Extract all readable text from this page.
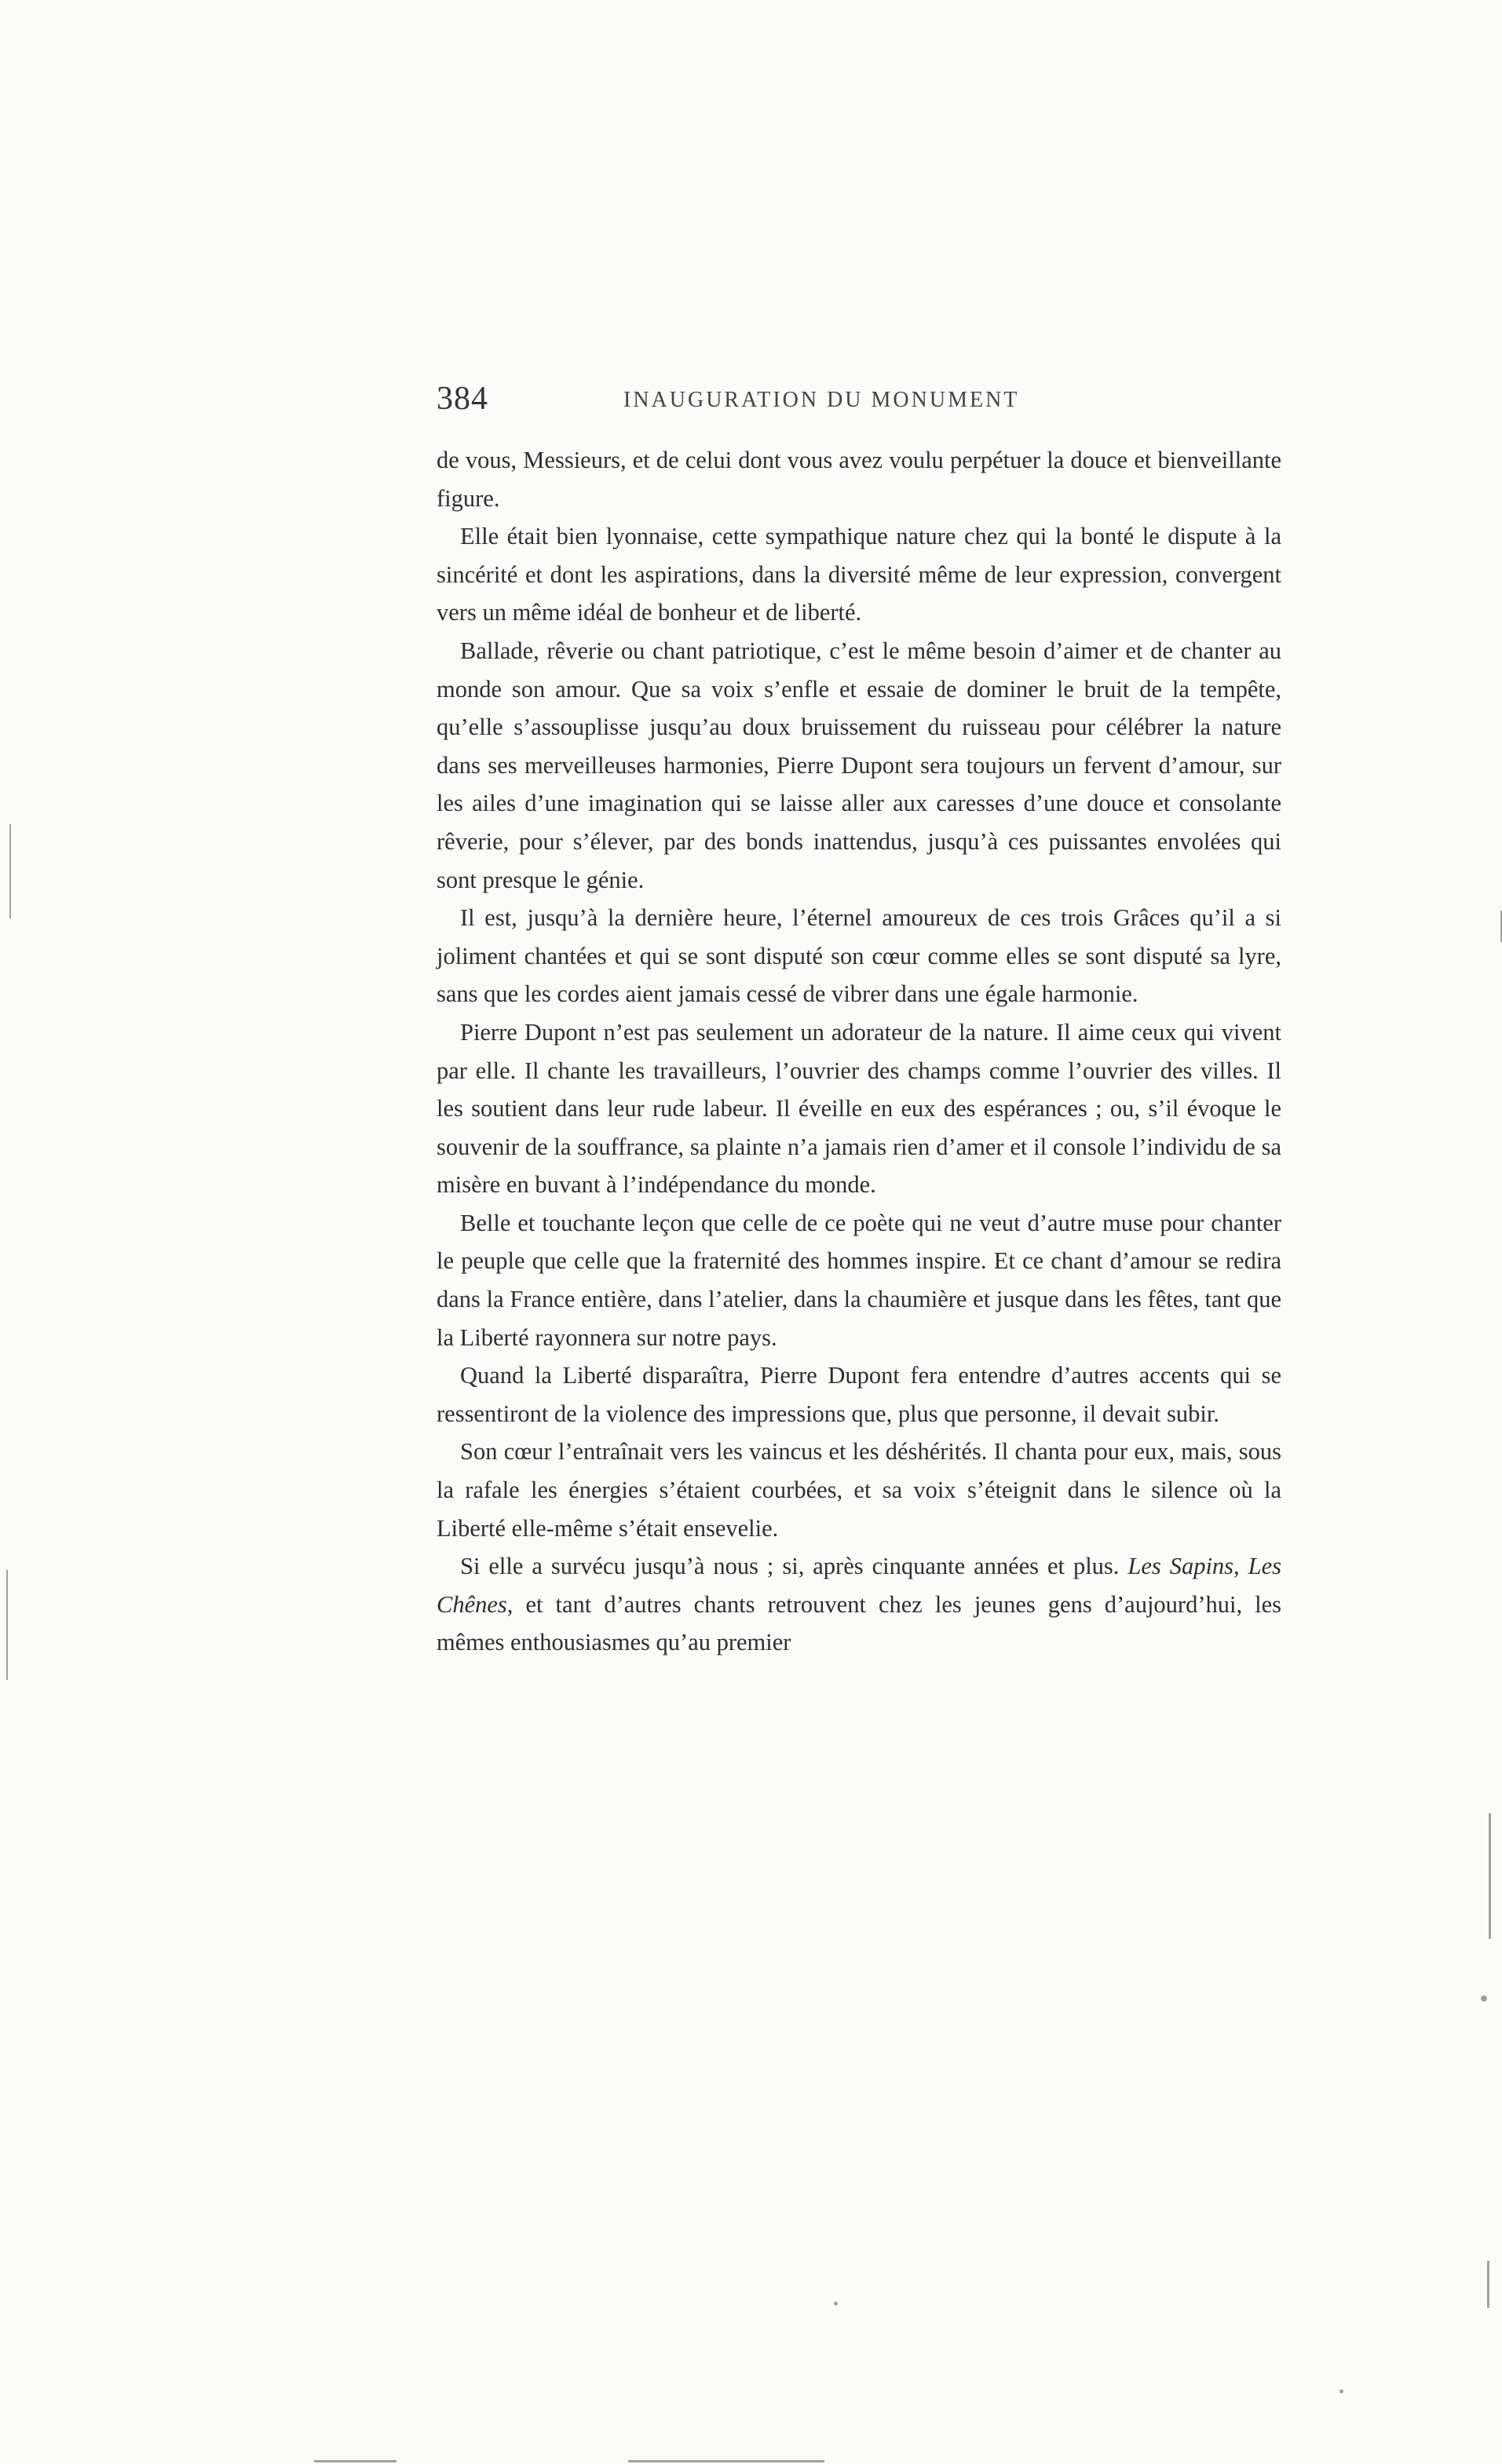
384	INAUGURATION DU MONUMENT

de vous, Messieurs, et de celui dont vous avez voulu perpétuer la douce et bienveillante figure.

Elle était bien lyonnaise, cette sympathique nature chez qui la bonté le dispute à la sincérité et dont les aspirations, dans la diversité même de leur expression, convergent vers un même idéal de bonheur et de liberté.

Ballade, rêverie ou chant patriotique, c’est le même besoin d’aimer et de chanter au monde son amour. Que sa voix s’enfle et essaie de dominer le bruit de la tempête, qu’elle s’assouplisse jusqu’au doux bruissement du ruisseau pour célébrer la nature dans ses merveilleuses harmonies, Pierre Dupont sera toujours un fervent d’amour, sur les ailes d’une imagination qui se laisse aller aux caresses d’une douce et consolante rêverie, pour s’élever, par des bonds inattendus, jusqu’à ces puissantes envolées qui sont presque le génie.

Il est, jusqu’à la dernière heure, l’éternel amoureux de ces trois Grâces qu’il a si joliment chantées et qui se sont disputé son cœur comme elles se sont disputé sa lyre, sans que les cordes aient jamais cessé de vibrer dans une égale harmonie.

Pierre Dupont n’est pas seulement un adorateur de la nature. Il aime ceux qui vivent par elle. Il chante les travailleurs, l’ouvrier des champs comme l’ouvrier des villes. Il les soutient dans leur rude labeur. Il éveille en eux des espérances ; ou, s’il évoque le souvenir de la souffrance, sa plainte n’a jamais rien d’amer et il console l’individu de sa misère en buvant à l’indépendance du monde.

Belle et touchante leçon que celle de ce poète qui ne veut d’autre muse pour chanter le peuple que celle que la fraternité des hommes inspire. Et ce chant d’amour se redira dans la France entière, dans l’atelier, dans la chaumière et jusque dans les fêtes, tant que la Liberté rayonnera sur notre pays.

Quand la Liberté disparaîtra, Pierre Dupont fera entendre d’autres accents qui se ressentiront de la violence des impressions que, plus que personne, il devait subir.

Son cœur l’entraînait vers les vaincus et les déshérités. Il chanta pour eux, mais, sous la rafale les énergies s’étaient courbées, et sa voix s’éteignit dans le silence où la Liberté elle-même s’était ensevelie.

Si elle a survécu jusqu’à nous ; si, après cinquante années et plus. Les Sapins, Les Chênes, et tant d’autres chants retrouvent chez les jeunes gens d’aujourd’hui, les mêmes enthousiasmes qu’au premier
